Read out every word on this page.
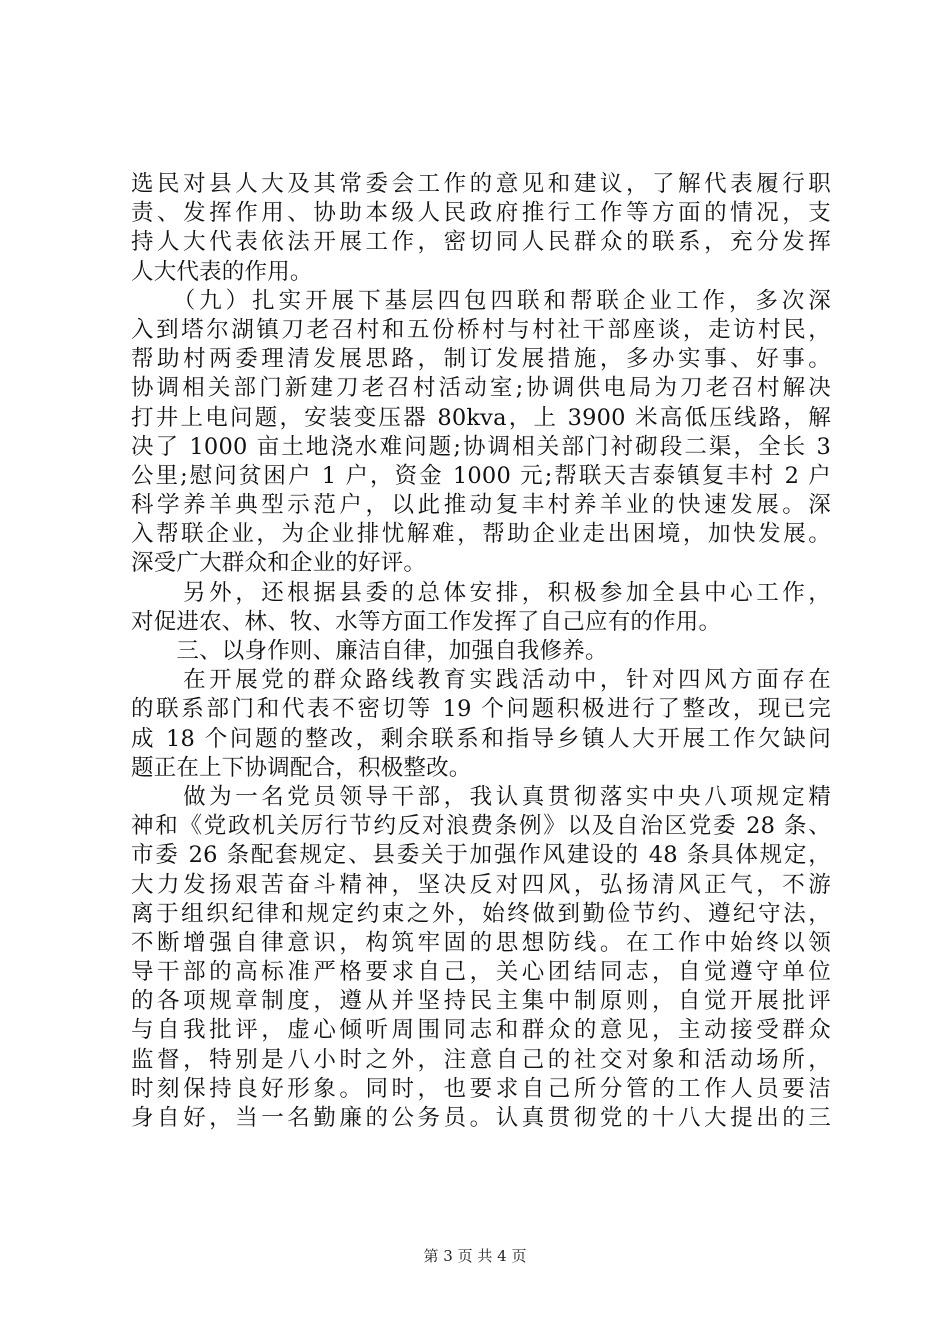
选民对县人大及其常委会工作的意见和建议，了解代表履行职
责、发挥作用、协助本级人民政府推行工作等方面的情况，支
持人大代表依法开展工作，密切同人民群众的联系，充分发挥
人大代表的作用。
　　（九）扎实开展下基层四包四联和帮联企业工作，多次深
入到塔尔湖镇刀老召村和五份桥村与村社干部座谈，走访村民，
帮助村两委理清发展思路，制订发展措施，多办实事、好事。
协调相关部门新建刀老召村活动室;协调供电局为刀老召村解决
打井上电问题，安装变压器 80kva，上 3900 米高低压线路，解
决了 1000 亩土地浇水难问题;协调相关部门衬砌段二渠，全长 3
公里;慰问贫困户 1 户，资金 1000 元;帮联天吉泰镇复丰村 2 户
科学养羊典型示范户，以此推动复丰村养羊业的快速发展。深
入帮联企业，为企业排忧解难，帮助企业走出困境，加快发展。
深受广大群众和企业的好评。
　　另外，还根据县委的总体安排，积极参加全县中心工作，
对促进农、林、牧、水等方面工作发挥了自己应有的作用。
　　三、以身作则、廉洁自律，加强自我修养。
　　在开展党的群众路线教育实践活动中，针对四风方面存在
的联系部门和代表不密切等 19 个问题积极进行了整改，现已完
成 18 个问题的整改，剩余联系和指导乡镇人大开展工作欠缺问
题正在上下协调配合，积极整改。
　　做为一名党员领导干部，我认真贯彻落实中央八项规定精
神和《党政机关厉行节约反对浪费条例》以及自治区党委 28 条、
市委 26 条配套规定、县委关于加强作风建设的 48 条具体规定，
大力发扬艰苦奋斗精神，坚决反对四风，弘扬清风正气，不游
离于组织纪律和规定约束之外，始终做到勤俭节约、遵纪守法，
不断增强自律意识，构筑牢固的思想防线。在工作中始终以领
导干部的高标准严格要求自己，关心团结同志，自觉遵守单位
的各项规章制度，遵从并坚持民主集中制原则，自觉开展批评
与自我批评，虚心倾听周围同志和群众的意见，主动接受群众
监督，特别是八小时之外，注意自己的社交对象和活动场所，
时刻保持良好形象。同时，也要求自己所分管的工作人员要洁
身自好，当一名勤廉的公务员。认真贯彻党的十八大提出的三
第 3 页 共 4 页
